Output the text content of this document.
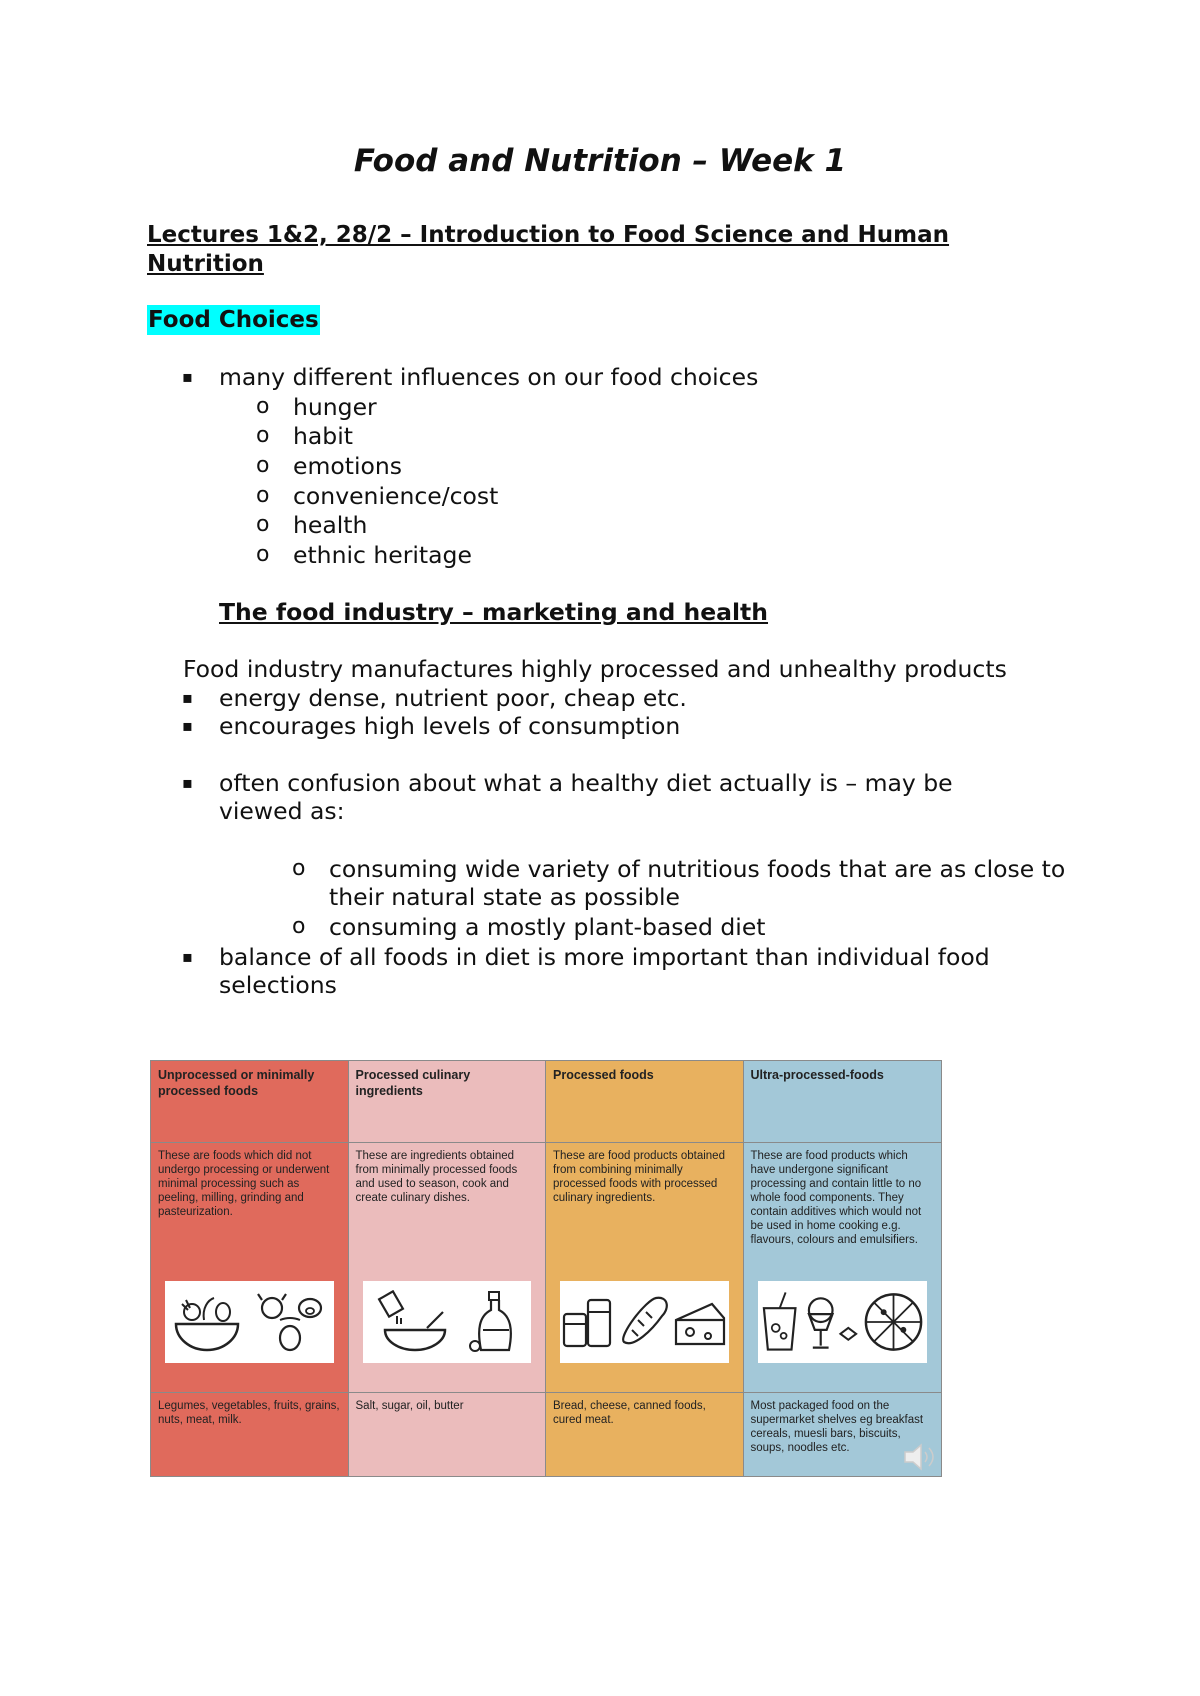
Food and Nutrition – Week 1
Lectures 1&2, 28/2 – Introduction to Food Science and Human Nutrition
Food Choices
▪ many different influences on our food choices
o hunger
o habit
o emotions
o convenience/cost
o health
o ethnic heritage
The food industry – marketing and health
Food industry manufactures highly processed and unhealthy products
▪ energy dense, nutrient poor, cheap etc.
▪ encourages high levels of consumption
▪ often confusion about what a healthy diet actually is – may be viewed as:
o consuming wide variety of nutritious foods that are as close to their natural state as possible
o consuming a mostly plant-based diet
▪ balance of all foods in diet is more important than individual food selections
Unprocessed or minimally processed foods
Processed culinary ingredients
Processed foods	Ultra-processed-foods
These are foods which did not undergo processing or underwent minimal processing such as peeling, milling, grinding and pasteurization.
These are ingredients obtained from minimally processed foods and used to season, cook and create culinary dishes.
These are food products obtained from combining minimally processed foods with processed culinary ingredients.
These are food products which have undergone significant processing and contain little to no whole food components. They contain additives which would not be used in home cooking e.g. flavours, colours and emulsifiers.
Legumes, vegetables, fruits, grains, nuts, meat, milk.
Salt, sugar, oil, butter	Bread, cheese, canned foods, cured meat.
Most packaged food on the supermarket shelves eg breakfast cereals, muesli bars, biscuits, soups, noodles etc.
